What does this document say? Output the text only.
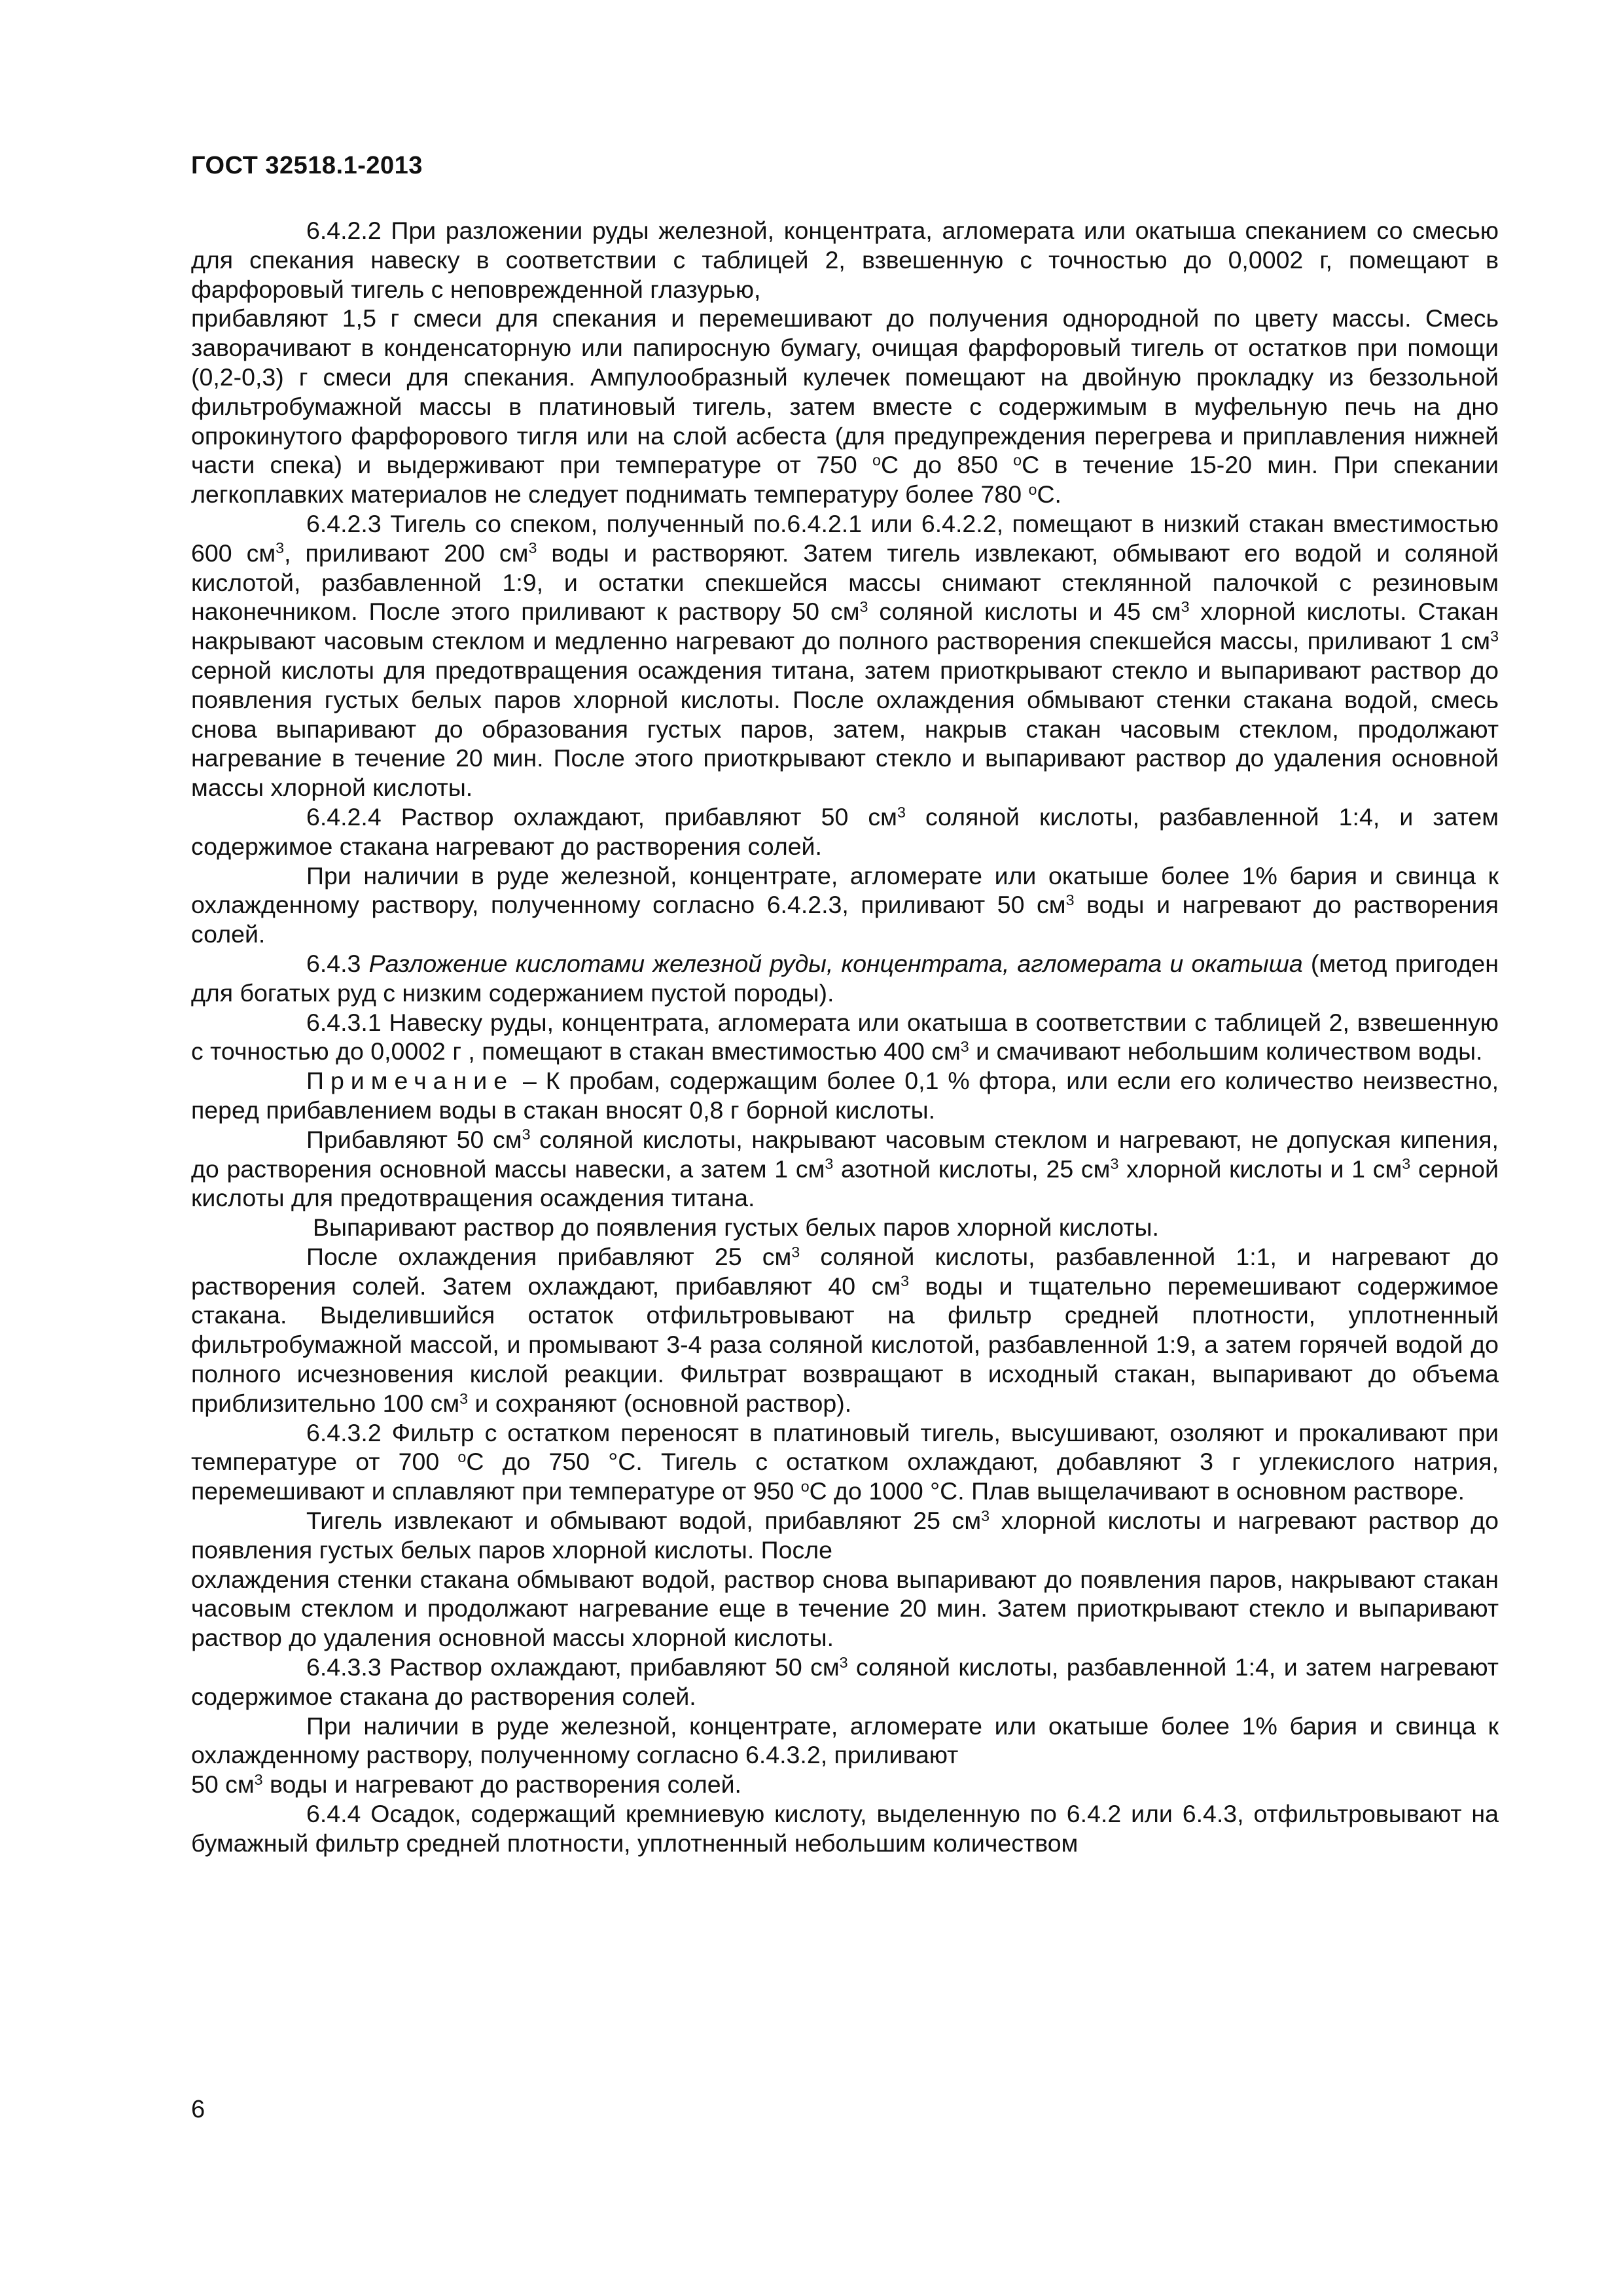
ГОСТ 32518.1-2013

6.4.2.2 При разложении руды железной, концентрата, агломерата или окатыша спеканием со смесью для спекания навеску в соответствии с таблицей 2, взвешенную с точностью до 0,0002 г, помещают в фарфоровый тигель с неповрежденной глазурью,

прибавляют 1,5 г смеси для спекания и перемешивают до получения однородной по цвету массы. Смесь заворачивают в конденсаторную или папиросную бумагу, очищая фарфоровый тигель от остатков при помощи (0,2-0,3) г смеси для спекания. Ампулообразный кулечек помещают на двойную прокладку из беззольной фильтробумажной массы в платиновый тигель, затем вместе с содержимым в муфельную печь на дно опрокинутого фарфорового тигля или на слой асбеста (для предупреждения перегрева и приплавления нижней части спека) и выдерживают при температуре от 750 $^o$С до 850 $^o$С в течение 15-20 мин. При спекании легкоплавких материалов не следует поднимать температуру более 780 $^o$С.

6.4.2.3 Тигель со спеком, полученный по.6.4.2.1 или 6.4.2.2, помещают в низкий стакан вместимостью 600 $см^3$, приливают 200 $см^3$ воды и растворяют. Затем тигель извлекают, обмывают его водой и соляной кислотой, разбавленной 1:9, и остатки спекшейся массы снимают стеклянной палочкой с резиновым наконечником. После этого приливают к раствору 50 $см^3$ соляной кислоты и 45 $см^3$ хлорной кислоты. Стакан накрывают часовым стеклом и медленно нагревают до полного растворения спекшейся массы, приливают 1 $см^3$ серной кислоты для предотвращения осаждения титана, затем приоткрывают стекло и выпаривают раствор до появления густых белых паров хлорной кислоты. После охлаждения обмывают стенки стакана водой, смесь снова выпаривают до образования густых паров, затем, накрыв стакан часовым стеклом, продолжают нагревание в течение 20 мин. После этого приоткрывают стекло и выпаривают раствор до удаления основной массы хлорной кислоты.

6.4.2.4 Раствор охлаждают, прибавляют 50 $см^3$ соляной кислоты, разбавленной 1:4, и затем содержимое стакана нагревают до растворения солей.

При наличии в руде железной, концентрате, агломерате или окатыше более 1% бария и свинца к охлажденному раствору, полученному согласно 6.4.2.3, приливают 50 $см^3$ воды и нагревают до растворения солей.

6.4.3 Разложение кислотами железной руды, концентрата, агломерата и окатыша (метод пригоден для богатых руд с низким содержанием пустой породы).

6.4.3.1 Навеску руды, концентрата, агломерата или окатыша в соответствии с таблицей 2, взвешенную с точностью до 0,0002 г , помещают в стакан вместимостью 400 $см^3$ и смачивают небольшим количеством воды.

Примечание – К пробам, содержащим более 0,1 % фтора, или если его количество неизвестно, перед прибавлением воды в стакан вносят 0,8 г борной кислоты.

Прибавляют 50 $см^3$ соляной кислоты, накрывают часовым стеклом и нагревают, не допуская кипения, до растворения основной массы навески, а затем 1 $см^3$ азотной кислоты, 25 $см^3$ хлорной кислоты и 1 $см^3$ серной кислоты для предотвращения осаждения титана.

Выпаривают раствор до появления густых белых паров хлорной кислоты.

После охлаждения прибавляют 25 $см^3$ соляной кислоты, разбавленной 1:1, и нагревают до растворения солей. Затем охлаждают, прибавляют 40 $см^3$ воды и тщательно перемешивают содержимое стакана. Выделившийся остаток отфильтровывают на фильтр средней плотности, уплотненный фильтробумажной массой, и промывают 3-4 раза соляной кислотой, разбавленной 1:9, а затем горячей водой до полного исчезновения кислой реакции. Фильтрат возвращают в исходный стакан, выпаривают до объема приблизительно 100 $см^3$ и сохраняют (основной раствор).

6.4.3.2 Фильтр с остатком переносят в платиновый тигель, высушивают, озоляют и прокаливают при температуре от 700 $^o$С до 750 °С. Тигель с остатком охлаждают, добавляют 3 г углекислого натрия, перемешивают и сплавляют при температуре от 950 $^o$С до 1000 °С. Плав выщелачивают в основном растворе.

Тигель извлекают и обмывают водой, прибавляют 25 $см^3$ хлорной кислоты и нагревают раствор до появления густых белых паров хлорной кислоты. После

охлаждения стенки стакана обмывают водой, раствор снова выпаривают до появления паров, накрывают стакан часовым стеклом и продолжают нагревание еще в течение 20 мин. Затем приоткрывают стекло и выпаривают раствор до удаления основной массы хлорной кислоты.

6.4.3.3 Раствор охлаждают, прибавляют 50 $см^3$ соляной кислоты, разбавленной 1:4, и затем нагревают содержимое стакана до растворения солей.

При наличии в руде железной, концентрате, агломерате или окатыше более 1% бария и свинца к охлажденному раствору, полученному согласно 6.4.3.2, приливают

50 $см^3$ воды и нагревают до растворения солей.

6.4.4 Осадок, содержащий кремниевую кислоту, выделенную по 6.4.2 или 6.4.3, отфильтровывают на бумажный фильтр средней плотности, уплотненный небольшим количеством

6
